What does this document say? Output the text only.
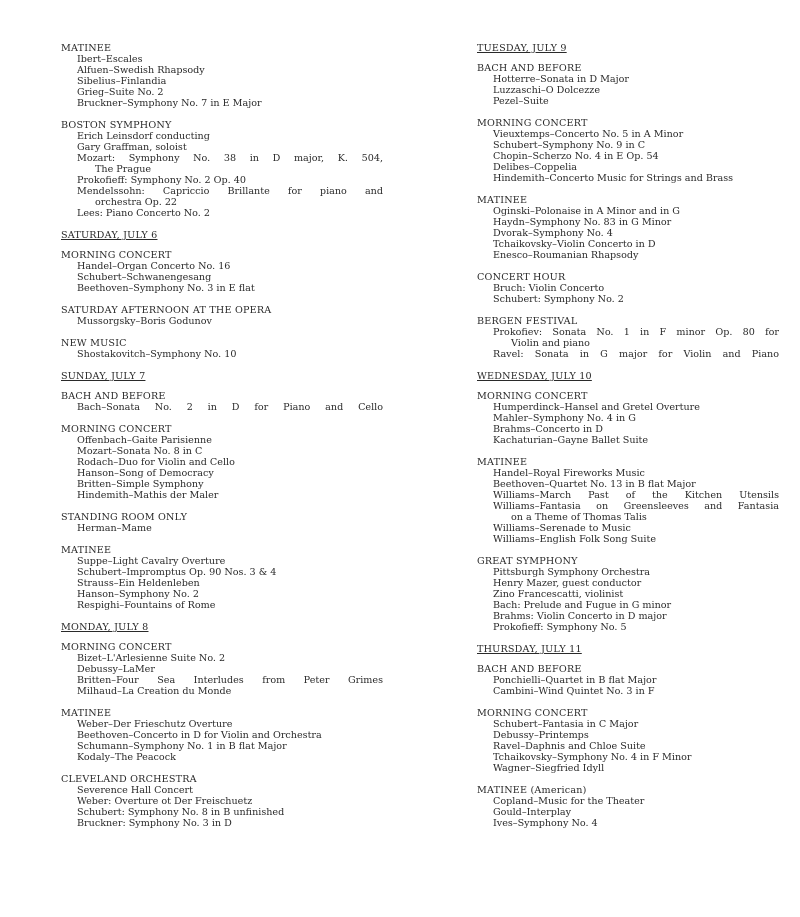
MATINEE
Ibert–Escales
Alfuen–Swedish Rhapsody
Sibelius–Finlandia
Grieg–Suite No. 2
Bruckner–Symphony No. 7 in E Major
BOSTON SYMPHONY
Erich Leinsdorf conducting
Gary Graffman, soloist
Mozart: Symphony No. 38 in D major, K. 504,
The Prague
Prokofieff: Symphony No. 2 Op. 40
Mendelssohn: Capriccio Brillante for piano and
orchestra Op. 22
Lees: Piano Concerto No. 2
SATURDAY, JULY 6
MORNING CONCERT
Handel–Organ Concerto No. 16
Schubert–Schwanengesang
Beethoven–Symphony No. 3 in E flat
SATURDAY AFTERNOON AT THE OPERA
Mussorgsky–Boris Godunov
NEW MUSIC
Shostakovitch–Symphony No. 10
SUNDAY, JULY 7
BACH AND BEFORE
Bach–Sonata No. 2 in D for Piano and Cello
MORNING CONCERT
Offenbach–Gaite Parisienne
Mozart–Sonata No. 8 in C
Rodach–Duo for Violin and Cello
Hanson–Song of Democracy
Britten–Simple Symphony
Hindemith–Mathis der Maler
STANDING ROOM ONLY
Herman–Mame
MATINEE
Suppe–Light Cavalry Overture
Schubert–Impromptus Op. 90 Nos. 3 & 4
Strauss–Ein Heldenleben
Hanson–Symphony No. 2
Respighi–Fountains of Rome
MONDAY, JULY 8
MORNING CONCERT
Bizet–L'Arlesienne Suite No. 2
Debussy–LaMer
Britten–Four Sea Interludes from Peter Grimes
Milhaud–La Creation du Monde
MATINEE
Weber–Der Frieschutz Overture
Beethoven–Concerto in D for Violin and Orchestra
Schumann–Symphony No. 1 in B flat Major
Kodaly–The Peacock
CLEVELAND ORCHESTRA
Severence Hall Concert
Weber: Overture ot Der Freischuetz
Schubert: Symphony No. 8 in B unfinished
Bruckner: Symphony No. 3 in D
TUESDAY, JULY 9
BACH AND BEFORE
Hotterre–Sonata in D Major
Luzzaschi–O Dolcezze
Pezel–Suite
MORNING CONCERT
Vieuxtemps–Concerto No. 5 in A Minor
Schubert–Symphony No. 9 in C
Chopin–Scherzo No. 4 in E Op. 54
Delibes–Coppelia
Hindemith–Concerto Music for Strings and Brass
MATINEE
Oginski–Polonaise in A Minor and in G
Haydn–Symphony No. 83 in G Minor
Dvorak–Symphony No. 4
Tchaikovsky–Violin Concerto in D
Enesco–Roumanian Rhapsody
CONCERT HOUR
Bruch: Violin Concerto
Schubert: Symphony No. 2
BERGEN FESTIVAL
Prokofiev: Sonata No. 1 in F minor Op. 80 for
Violin and piano
Ravel: Sonata in G major for Violin and Piano
WEDNESDAY, JULY 10
MORNING CONCERT
Humperdinck–Hansel and Gretel Overture
Mahler–Symphony No. 4 in G
Brahms–Concerto in D
Kachaturian–Gayne Ballet Suite
MATINEE
Handel–Royal Fireworks Music
Beethoven–Quartet No. 13 in B flat Major
Williams–March Past of the Kitchen Utensils
Williams–Fantasia on Greensleeves and Fantasia
on a Theme of Thomas Talis
Williams–Serenade to Music
Williams–English Folk Song Suite
GREAT SYMPHONY
Pittsburgh Symphony Orchestra
Henry Mazer, guest conductor
Zino Francescatti, violinist
Bach: Prelude and Fugue in G minor
Brahms: Violin Concerto in D major
Prokofieff: Symphony No. 5
THURSDAY, JULY 11
BACH AND BEFORE
Ponchielli–Quartet in B flat Major
Cambini–Wind Quintet No. 3 in F
MORNING CONCERT
Schubert–Fantasia in C Major
Debussy–Printemps
Ravel–Daphnis and Chloe Suite
Tchaikovsky–Symphony No. 4 in F Minor
Wagner–Siegfried Idyll
MATINEE (American)
Copland–Music for the Theater
Gould–Interplay
Ives–Symphony No. 4
